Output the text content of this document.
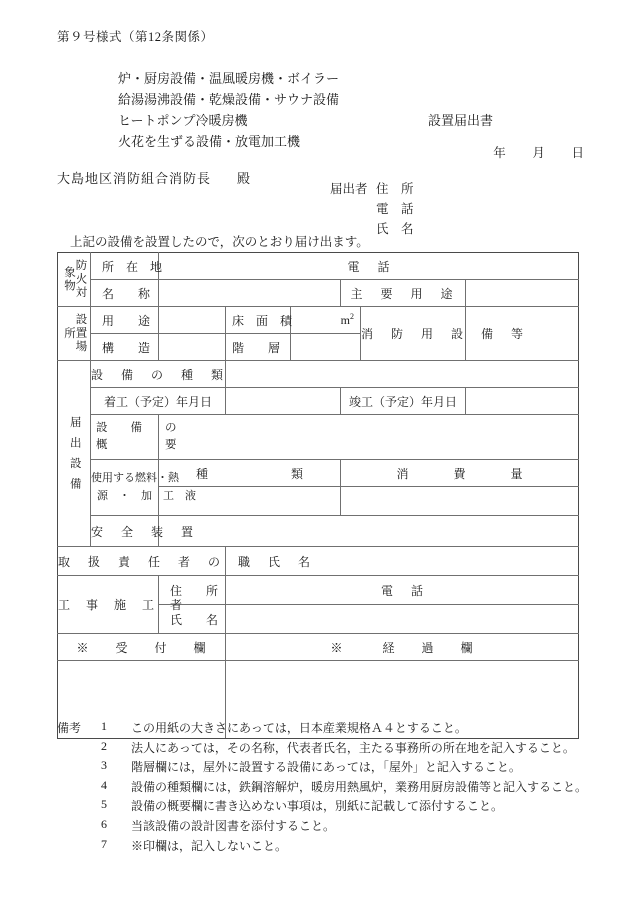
第９号様式（第12条関係）
炉・厨房設備・温風暖房機・ボイラー
給湯湯沸設備・乾燥設備・サウナ設備
ヒートポンプ冷暖房機	設置届出書
火花を生ずる設備・放電加工機
年 月 日
大島地区消防組合消防長 殿
届出者 住　所
電　話
氏　名
上記の設備を設置したので，次のとおり届け出ます。
防火対象物	所　在　地	電　話					

名　　称				主　要　用　途		

設置場所	用　　途		床　面　積	$m^2$		消　防　用　設　備　等	

構　　造		階　　層				

届出設備	設　備　の　種　類						

	着工（予定）年月日				竣工（予定）年月日		

設　　備　　の
概　　　　　要						

	使用する燃料・熱
源　・　加　工　液	種　　　　類			消　　費　　量		

	安　全　装　置						

取　扱　責　任　者　の　職　氏　名							

工　事　施　工　者		住　　所	電　話				

氏　　名					

※　　受　　付　　欄			※　　　経　　過　　欄				

備考	1	この用紙の大きさにあっては，日本産業規格Ａ４とすること。
2	法人にあっては，その名称，代表者氏名，主たる事務所の所在地を記入すること。
3	階層欄には，屋外に設置する設備にあっては，「屋外」と記入すること。
4	設備の種類欄には，鉄鋼溶解炉，暖房用熱風炉，業務用厨房設備等と記入すること。
5	設備の概要欄に書き込めない事項は，別紙に記載して添付すること。
6	当該設備の設計図書を添付すること。
7	※印欄は，記入しないこと。
